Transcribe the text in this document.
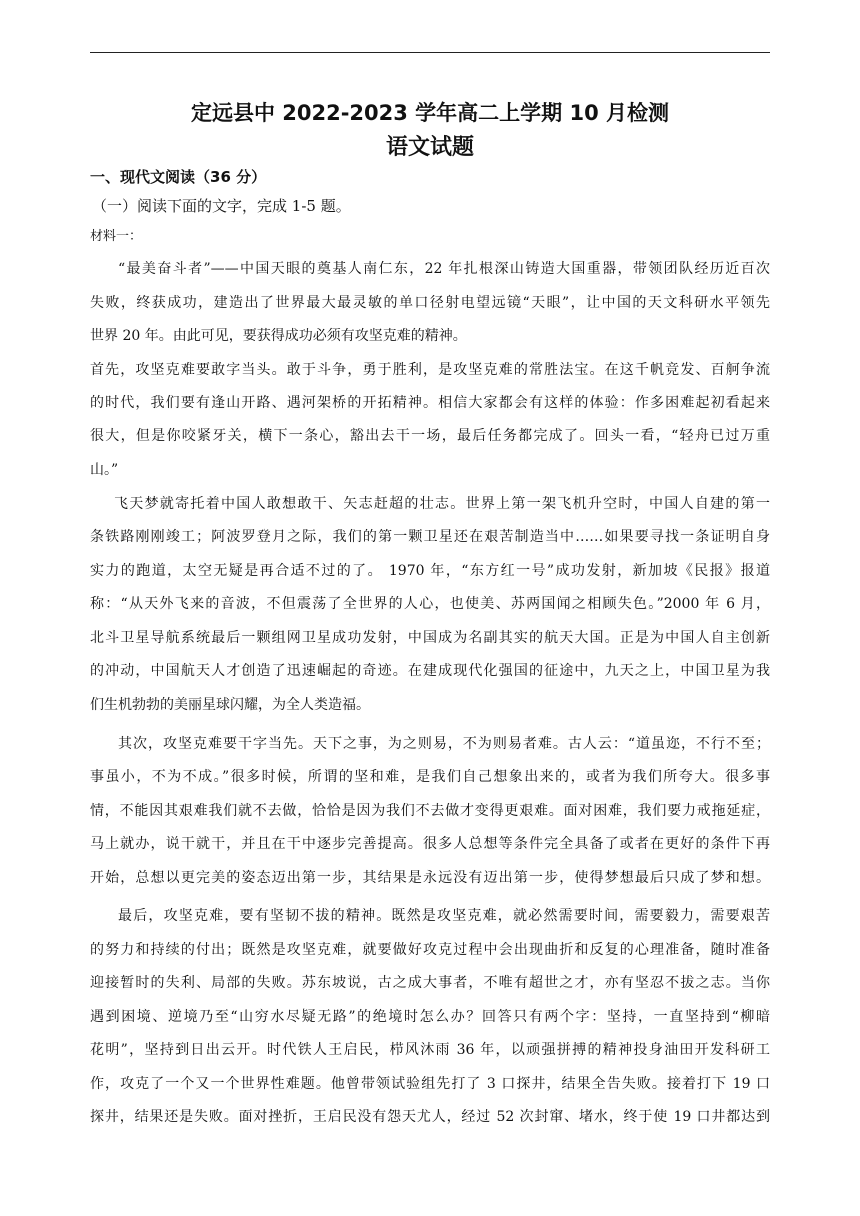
定远县中 2022-2023 学年高二上学期 10 月检测
语文试题
一、现代文阅读（36 分）
（一）阅读下面的文字，完成 1-5 题。
材料一：
“最美奋斗者”——中国天眼的奠基人南仁东，22 年扎根深山铸造大国重器，带领团队经历近百次
失败，终获成功，建造出了世界最大最灵敏的单口径射电望远镜“天眼”，让中国的天文科研水平领先
世界 20 年。由此可见，要获得成功必须有攻坚克难的精神。
首先，攻坚克难要敢字当头。敢于斗争，勇于胜利，是攻坚克难的常胜法宝。在这千帆竞发、百舸争流
的时代，我们要有逢山开路、遇河架桥的开拓精神。相信大家都会有这样的体验：作多困难起初看起来
很大，但是你咬紧牙关，横下一条心，豁出去干一场，最后任务都完成了。回头一看，“轻舟已过万重
山。”
飞天梦就寄托着中国人敢想敢干、矢志赶超的壮志。世界上第一架飞机升空时，中国人自建的第一
条铁路刚刚竣工；阿波罗登月之际，我们的第一颗卫星还在艰苦制造当中……如果要寻找一条证明自身
实力的跑道，太空无疑是再合适不过的了。 1970 年，“东方红一号”成功发射，新加坡《民报》报道
称：“从天外飞来的音波，不但震荡了全世界的人心，也使美、苏两国闻之相顾失色。”2000 年 6 月，
北斗卫星导航系统最后一颗组网卫星成功发射，中国成为名副其实的航天大国。正是为中国人自主创新
的冲动，中国航天人才创造了迅速崛起的奇迹。在建成现代化强国的征途中，九天之上，中国卫星为我
们生机勃勃的美丽星球闪耀，为全人类造福。
其次，攻坚克难要干字当先。天下之事，为之则易，不为则易者难。古人云：“道虽迩，不行不至；
事虽小，不为不成。”很多时候，所谓的坚和难，是我们自己想象出来的，或者为我们所夸大。很多事
情，不能因其艰难我们就不去做，恰恰是因为我们不去做才变得更艰难。面对困难，我们要力戒拖延症，
马上就办，说干就干，并且在干中逐步完善提高。很多人总想等条件完全具备了或者在更好的条件下再
开始，总想以更完美的姿态迈出第一步，其结果是永远没有迈出第一步，使得梦想最后只成了梦和想。
最后，攻坚克难，要有坚韧不拔的精神。既然是攻坚克难，就必然需要时间，需要毅力，需要艰苦
的努力和持续的付出；既然是攻坚克难，就要做好攻克过程中会出现曲折和反复的心理准备，随时准备
迎接暂时的失利、局部的失败。苏东坡说，古之成大事者，不唯有超世之才，亦有坚忍不拔之志。当你
遇到困境、逆境乃至“山穷水尽疑无路”的绝境时怎么办？回答只有两个字：坚持，一直坚持到“柳暗
花明”，坚持到日出云开。时代铁人王启民，栉风沐雨 36 年，以顽强拼搏的精神投身油田开发科研工
作，攻克了一个又一个世界性难题。他曾带领试验组先打了 3 口探井，结果全告失败。接着打下 19 口
探井，结果还是失败。面对挫折，王启民没有怨天尤人，经过 52 次封窜、堵水，终于使 19 口井都达到
